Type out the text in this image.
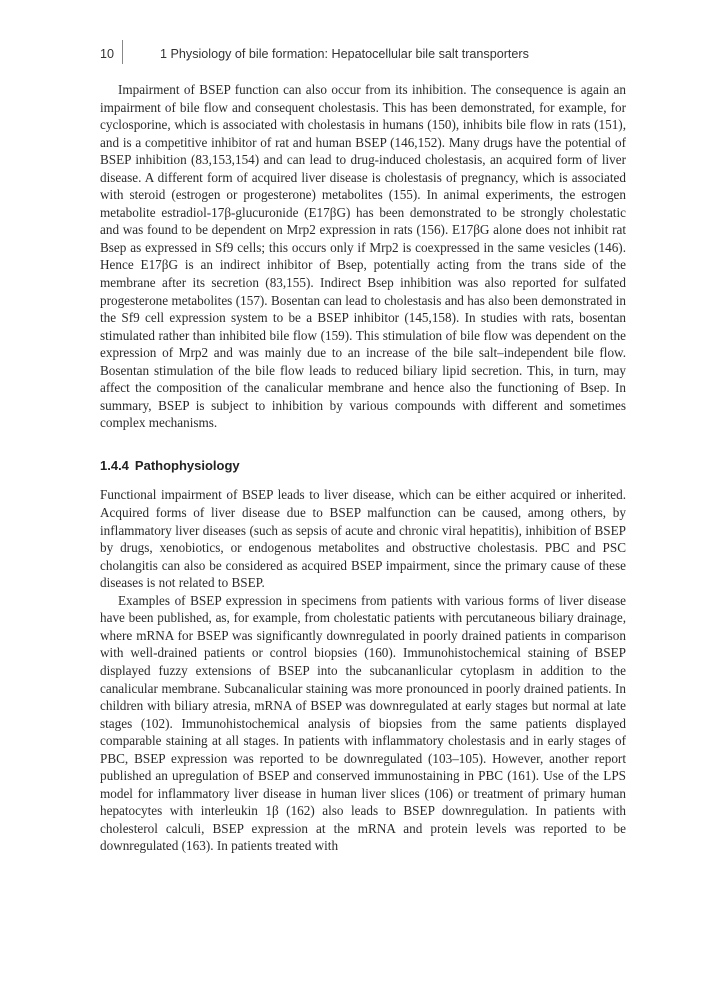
10	1 Physiology of bile formation: Hepatocellular bile salt transporters

Impairment of BSEP function can also occur from its inhibition. The consequence is again an impairment of bile flow and consequent cholestasis. This has been demonstrated, for example, for cyclosporine, which is associated with cholestasis in humans (150), inhibits bile flow in rats (151), and is a competitive inhibitor of rat and human BSEP (146,152). Many drugs have the potential of BSEP inhibition (83,153,154) and can lead to drug-induced cholestasis, an acquired form of liver disease. A different form of acquired liver disease is cholestasis of pregnancy, which is associated with steroid (estrogen or progesterone) metabolites (155). In animal experiments, the estrogen metabolite estradiol-17β-glucuronide (E17βG) has been demonstrated to be strongly cholestatic and was found to be dependent on Mrp2 expression in rats (156). E17βG alone does not inhibit rat Bsep as expressed in Sf9 cells; this occurs only if Mrp2 is coexpressed in the same vesicles (146). Hence E17βG is an indirect inhibitor of Bsep, potentially acting from the trans side of the membrane after its secretion (83,155). Indirect Bsep inhibition was also reported for sulfated progesterone metabolites (157). Bosentan can lead to cholestasis and has also been demonstrated in the Sf9 cell expression system to be a BSEP inhibitor (145,158). In studies with rats, bosentan stimulated rather than inhibited bile flow (159). This stimulation of bile flow was dependent on the expression of Mrp2 and was mainly due to an increase of the bile salt–independent bile flow. Bosentan stimulation of the bile flow leads to reduced biliary lipid secretion. This, in turn, may affect the composition of the canalicular membrane and hence also the functioning of Bsep. In summary, BSEP is subject to inhibition by various compounds with different and sometimes complex mechanisms.

1.4.4 Pathophysiology

Functional impairment of BSEP leads to liver disease, which can be either acquired or inherited. Acquired forms of liver disease due to BSEP malfunction can be caused, among others, by inflammatory liver diseases (such as sepsis of acute and chronic viral hepatitis), inhibition of BSEP by drugs, xenobiotics, or endogenous metabolites and obstructive cholestasis. PBC and PSC cholangitis can also be considered as acquired BSEP impairment, since the primary cause of these diseases is not related to BSEP.

Examples of BSEP expression in specimens from patients with various forms of liver disease have been published, as, for example, from cholestatic patients with percutaneous biliary drainage, where mRNA for BSEP was significantly downregulated in poorly drained patients in comparison with well-drained patients or control biopsies (160). Immunohistochemical staining of BSEP displayed fuzzy extensions of BSEP into the subcananlicular cytoplasm in addition to the canalicular membrane. Subcanalicular staining was more pronounced in poorly drained patients. In children with biliary atresia, mRNA of BSEP was downregulated at early stages but normal at late stages (102). Immunohistochemical analysis of biopsies from the same patients displayed comparable staining at all stages. In patients with inflammatory cholestasis and in early stages of PBC, BSEP expression was reported to be downregulated (103–105). However, another report published an upregulation of BSEP and conserved immunostaining in PBC (161). Use of the LPS model for inflammatory liver disease in human liver slices (106) or treatment of primary human hepatocytes with interleukin 1β (162) also leads to BSEP downregulation. In patients with cholesterol calculi, BSEP expression at the mRNA and protein levels was reported to be downregulated (163). In patients treated with
